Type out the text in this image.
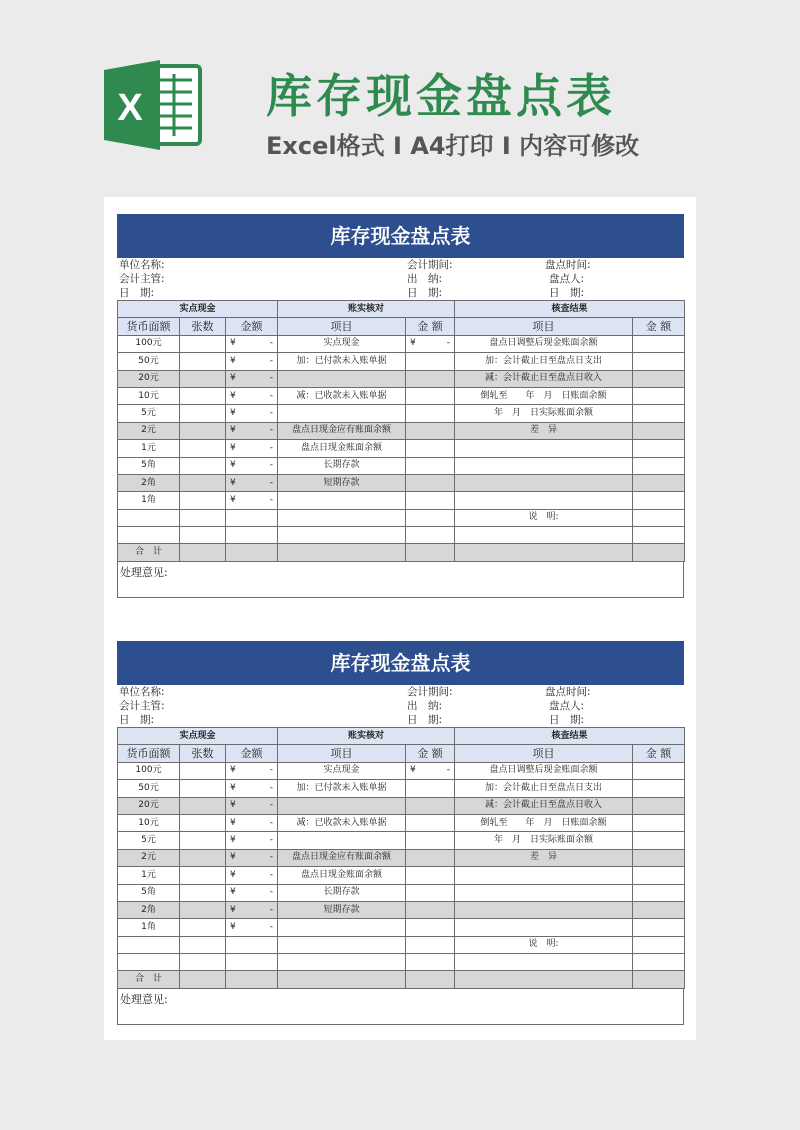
X	库存现金盘点表
Excel格式 Ⅰ A4打印 Ⅰ 内容可修改
库存现金盘点表
单位名称:
会计主管:
日　期:
会计期间:
出　纳:
日　期:
盘点时间:
盘点人:
日　期:
实点现金			账实核对		核查结果	
货币面额	张数	金额	项目	金 额	项目	金 额
100元		¥ -	实点现金	¥ -	盘点日调整后现金账面余额	
50元		¥ -	加：已付款未入账单据		加：会计截止日至盘点日支出	
20元		¥ -			减：会计截止日至盘点日收入	
10元		¥ -	减：已收款未入账单据		倒轧至　　年　月　日账面余额	
5元		¥ -			年　月　日实际账面余额	
2元		¥ -	盘点日现金应有账面余额		差　异	
1元		¥ -	盘点日现金账面余额			
5角		¥ -	长期存款			
2角		¥ -	短期存款			
1角		¥ -				

					说　明:	

合　计						
处理意见:
库存现金盘点表
单位名称:
会计主管:
日　期:
会计期间:
出　纳:
日　期:
盘点时间:
盘点人:
日　期:
实点现金			账实核对		核查结果	
货币面额	张数	金额	项目	金 额	项目	金 额
100元		¥ -	实点现金	¥ -	盘点日调整后现金账面余额	
50元		¥ -	加：已付款未入账单据		加：会计截止日至盘点日支出	
20元		¥ -			减：会计截止日至盘点日收入	
10元		¥ -	减：已收款未入账单据		倒轧至　　年　月　日账面余额	
5元		¥ -			年　月　日实际账面余额	
2元		¥ -	盘点日现金应有账面余额		差　异	
1元		¥ -	盘点日现金账面余额			
5角		¥ -	长期存款			
2角		¥ -	短期存款			
1角		¥ -				

					说　明:	

合　计						
处理意见:
